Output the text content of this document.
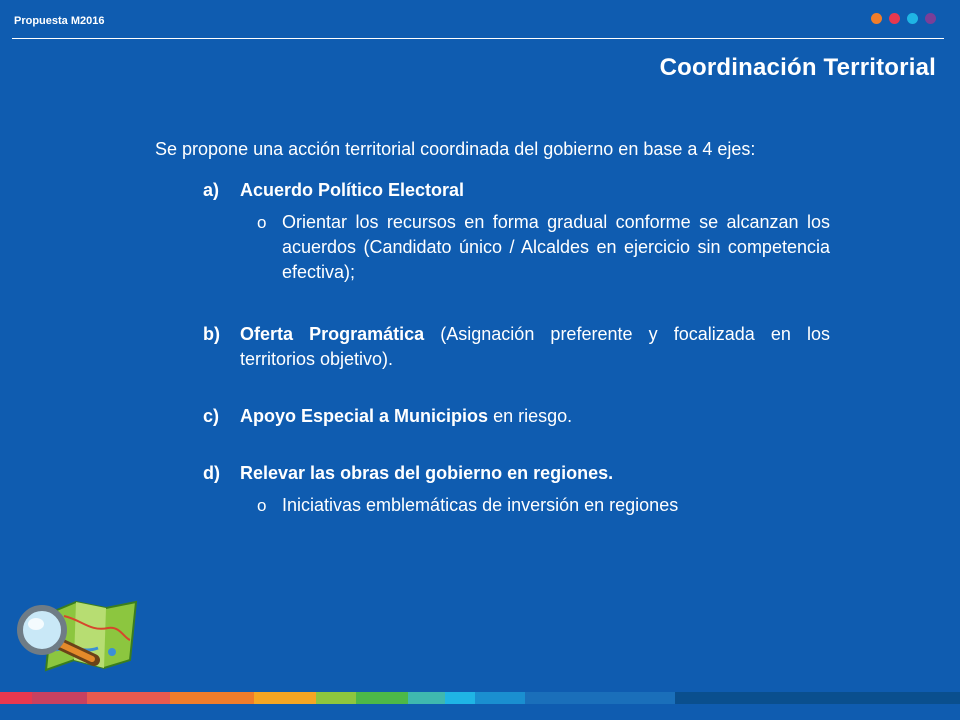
Propuesta M2016
Coordinación Territorial

Se propone una acción territorial coordinada del gobierno en base a 4 ejes:

a) Acuerdo Político Electoral
o Orientar los recursos en forma gradual conforme se alcanzan los acuerdos (Candidato único / Alcaldes en ejercicio sin competencia efectiva);
b) Oferta Programática (Asignación preferente y focalizada en los territorios objetivo).
c) Apoyo Especial a Municipios en riesgo.
d) Relevar las obras del gobierno en regiones.
o Iniciativas emblemáticas de inversión en regiones
